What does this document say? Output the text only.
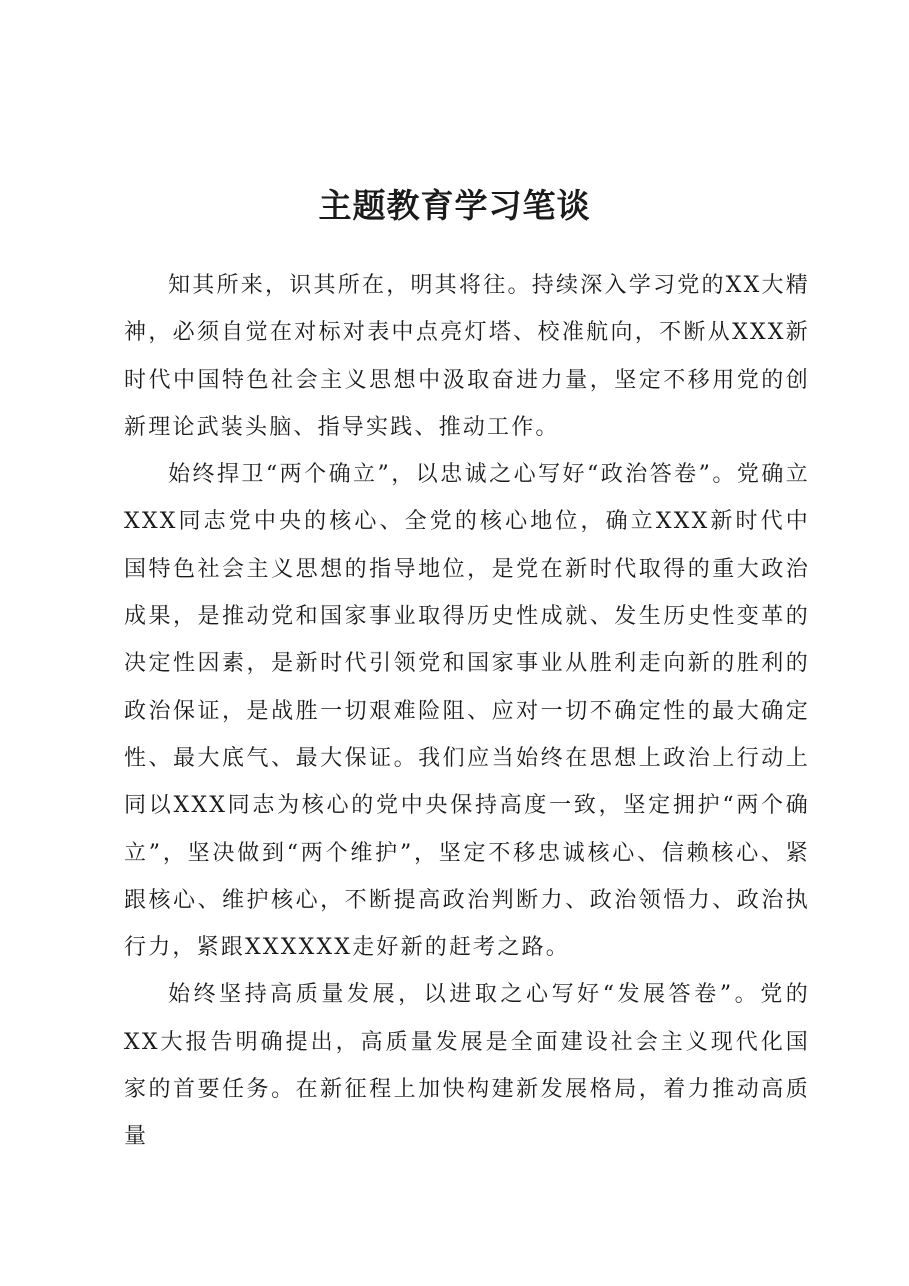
主题教育学习笔谈

知其所来，识其所在，明其将往。持续深入学习党的XX大精神，必须自觉在对标对表中点亮灯塔、校准航向，不断从XXX新时代中国特色社会主义思想中汲取奋进力量，坚定不移用党的创新理论武装头脑、指导实践、推动工作。

始终捍卫“两个确立”，以忠诚之心写好“政治答卷”。党确立XXX同志党中央的核心、全党的核心地位，确立XXX新时代中国特色社会主义思想的指导地位，是党在新时代取得的重大政治成果，是推动党和国家事业取得历史性成就、发生历史性变革的决定性因素，是新时代引领党和国家事业从胜利走向新的胜利的政治保证，是战胜一切艰难险阻、应对一切不确定性的最大确定性、最大底气、最大保证。我们应当始终在思想上政治上行动上同以XXX同志为核心的党中央保持高度一致，坚定拥护“两个确立”，坚决做到“两个维护”，坚定不移忠诚核心、信赖核心、紧跟核心、维护核心，不断提高政治判断力、政治领悟力、政治执行力，紧跟XXXXXX走好新的赶考之路。

始终坚持高质量发展，以进取之心写好“发展答卷”。党的XX大报告明确提出，高质量发展是全面建设社会主义现代化国家的首要任务。在新征程上加快构建新发展格局，着力推动高质量
